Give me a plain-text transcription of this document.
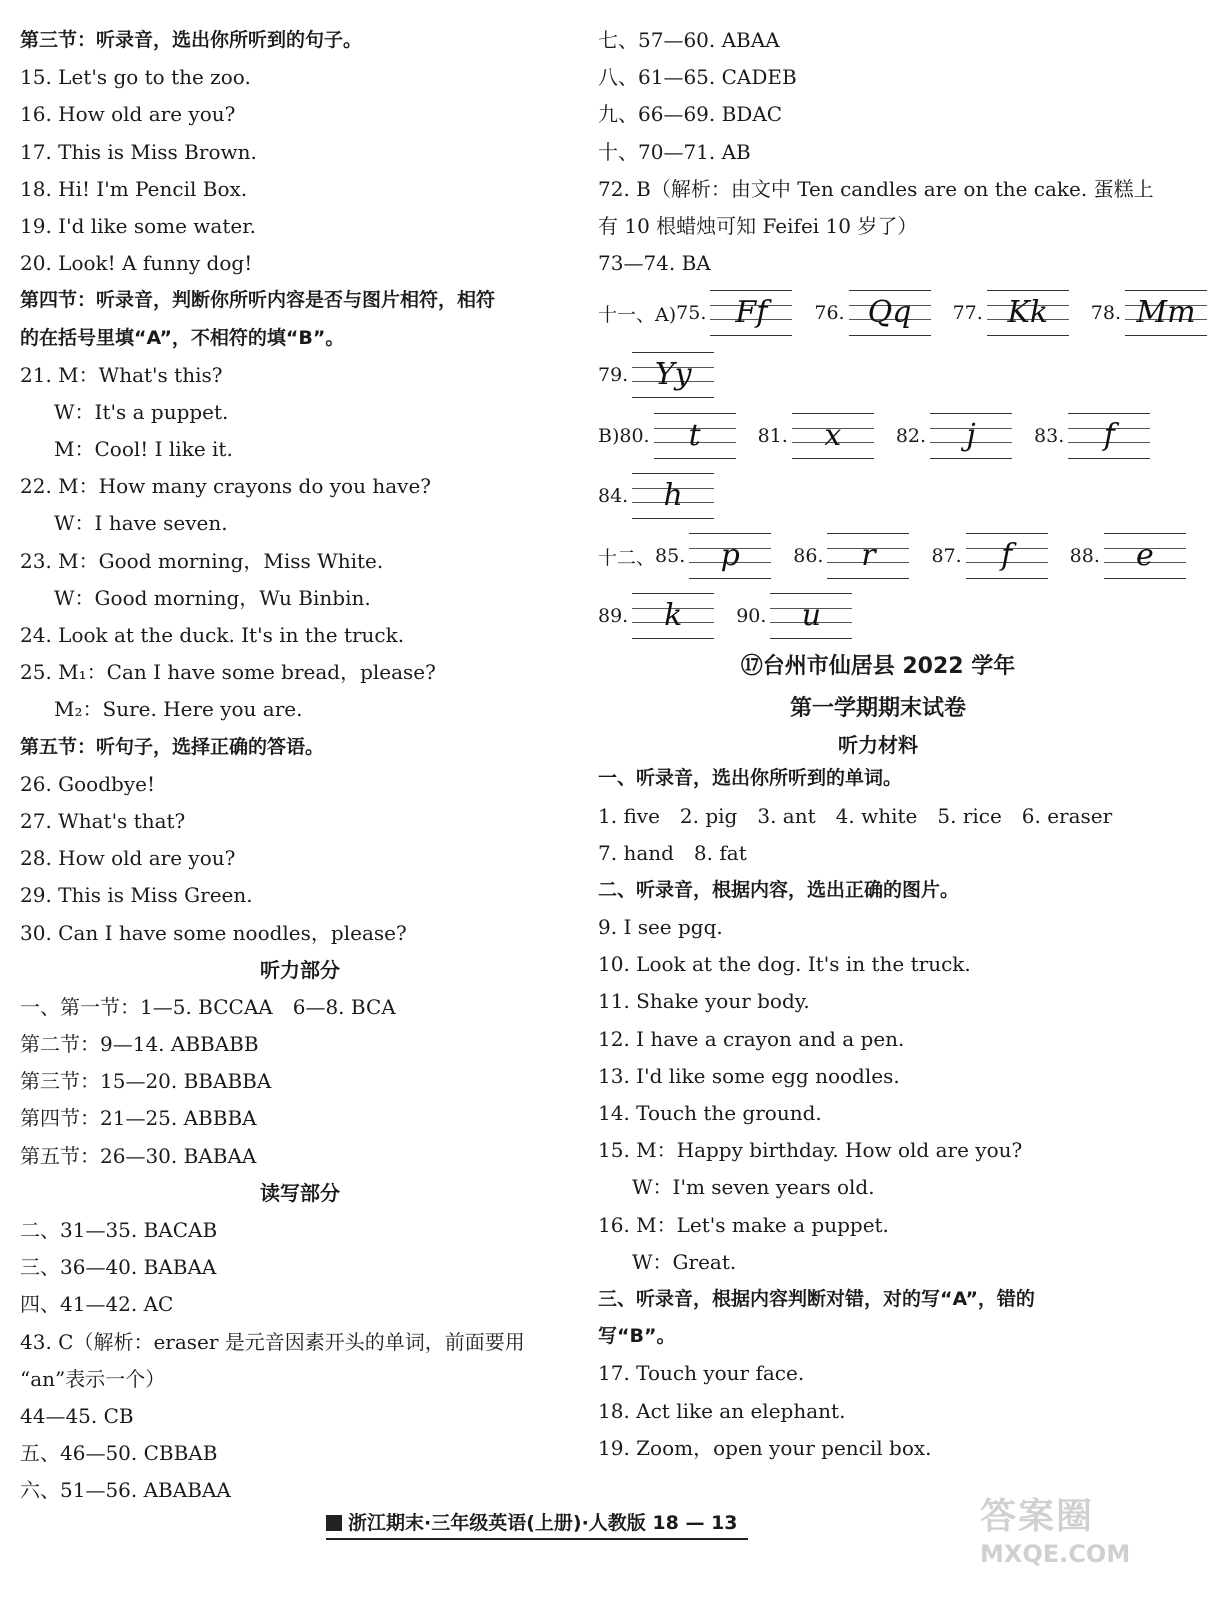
第三节：听录音，选出你所听到的句子。
15. Let's go to the zoo.
16. How old are you?
17. This is Miss Brown.
18. Hi! I'm Pencil Box.
19. I'd like some water.
20. Look! A funny dog!
第四节：听录音，判断你所听内容是否与图片相符，相符
的在括号里填“A”，不相符的填“B”。
21. M：What's this?
W：It's a puppet.
M：Cool! I like it.
22. M：How many crayons do you have?
W：I have seven.
23. M：Good morning，Miss White.
W：Good morning，Wu Binbin.
24. Look at the duck. It's in the truck.
25. M₁：Can I have some bread，please?
M₂：Sure. Here you are.
第五节：听句子，选择正确的答语。
26. Goodbye!
27. What's that?
28. How old are you?
29. This is Miss Green.
30. Can I have some noodles，please?
听力部分
一、第一节：1—5. BCCAA　6—8. BCA
第二节：9—14. ABBABB
第三节：15—20. BBABBA
第四节：21—25. ABBBA
第五节：26—30. BABAA
读写部分
二、31—35. BACAB
三、36—40. BABAA
四、41—42. AC
43. C（解析：eraser 是元音因素开头的单词，前面要用
“an”表示一个）
44—45. CB
五、46—50. CBBAB
六、51—56. ABABAA
七、57—60. ABAA
八、61—65. CADEB
九、66—69. BDAC
十、70—71. AB
72. B（解析：由文中 Ten candles are on the cake. 蛋糕上
有 10 根蜡烛可知 Feifei 10 岁了）
73—74. BA
十一、A) 75. Ff	76. Qq	77. Kk	78. Mm
79. Yy
B) 80.	t	81.	x	82.	j	83.	f
84.	h
十二、 85.	p	86.	r	87.	f	88.	e
89.	k	90.	u
⑰台州市仙居县 2022 学年
第一学期期末试卷
听力材料
一、听录音，选出你所听到的单词。
1. five　2. pig　3. ant　4. white　5. rice　6. eraser
7. hand　8. fat
二、听录音，根据内容，选出正确的图片。
9. I see pgq.
10. Look at the dog. It's in the truck.
11. Shake your body.
12. I have a crayon and a pen.
13. I'd like some egg noodles.
14. Touch the ground.
15. M：Happy birthday. How old are you?
W：I'm seven years old.
16. M：Let's make a puppet.
W：Great.
三、听录音，根据内容判断对错，对的写“A”，错的
写“B”。
17. Touch your face.
18. Act like an elephant.
19. Zoom，open your pencil box.
浙江期末·三年级英语(上册)·人教版 18 — 13	答案圈
MXQE.COM
